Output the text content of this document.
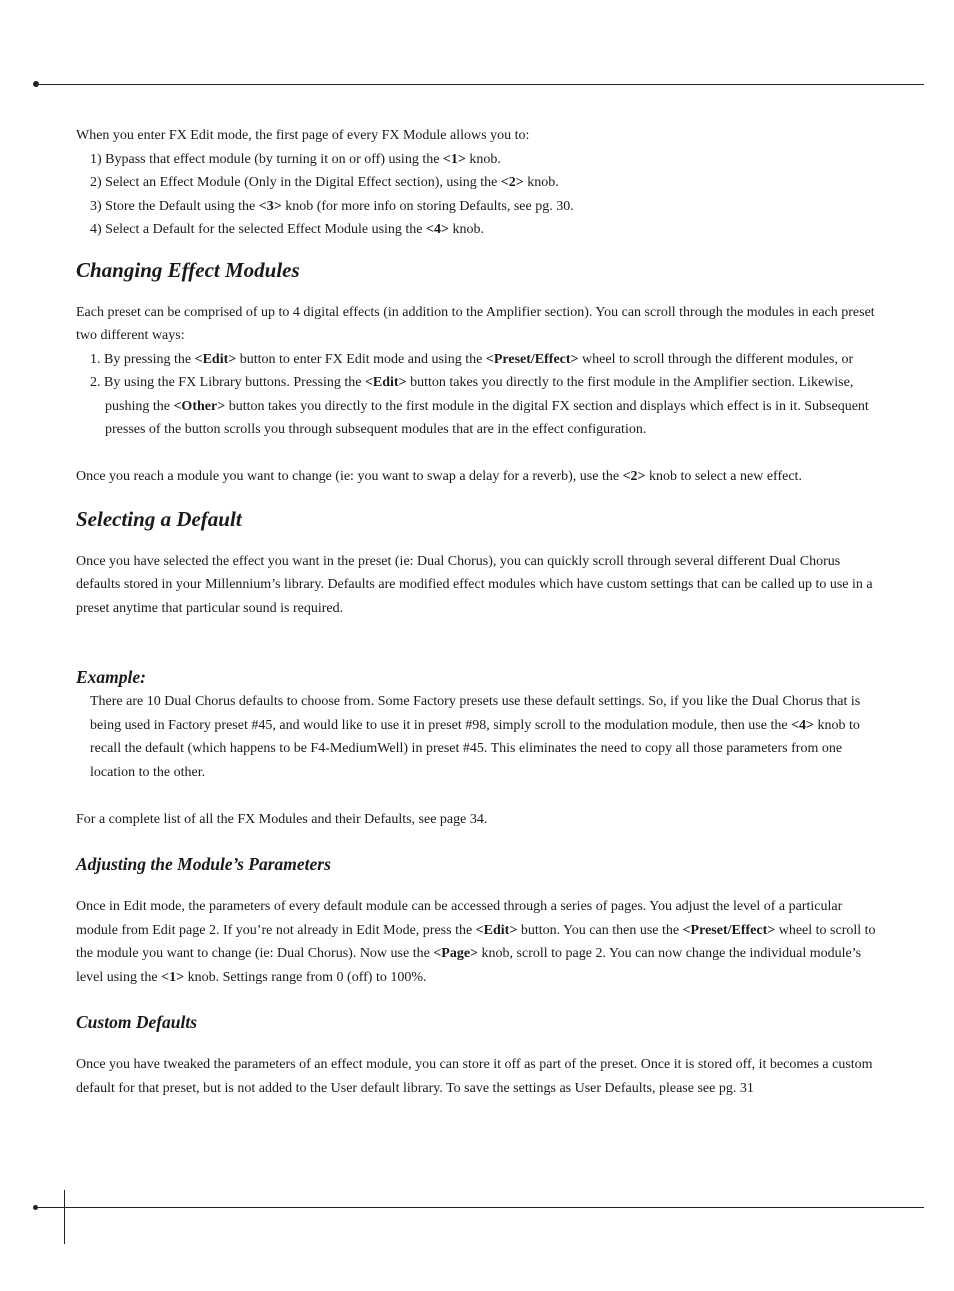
When you enter FX Edit mode, the first page of every FX Module allows you to:

1) Bypass that effect module (by turning it on or off) using the <1> knob.
2) Select an Effect Module (Only in the Digital Effect section), using the <2> knob.
3) Store the Default using the <3> knob (for more info on storing Defaults, see pg. 30.
4) Select a Default for the selected Effect Module using the <4> knob.
Changing Effect Modules

Each preset can be comprised of up to 4 digital effects (in addition to the Amplifier section). You can scroll through the modules in each preset two different ways:

1. By pressing the <Edit> button to enter FX Edit mode and using the <Preset/Effect> wheel to scroll through the different modules, or
2. By using the FX Library buttons. Pressing the <Edit> button takes you directly to the first module in the Amplifier section. Likewise, pushing the <Other> button takes you directly to the first module in the digital FX section and displays which effect is in it. Subsequent presses of the button scrolls you through subsequent modules that are in the effect configuration.

Once you reach a module you want to change (ie: you want to swap a delay for a reverb), use the <2> knob to select a new effect.

Selecting a Default

Once you have selected the effect you want in the preset (ie: Dual Chorus), you can quickly scroll through several different Dual Chorus defaults stored in your Millennium’s library. Defaults are modified effect modules which have custom settings that can be called up to use in a preset anytime that particular sound is required.

Example:

There are 10 Dual Chorus defaults to choose from. Some Factory presets use these default settings. So, if you like the Dual Chorus that is being used in Factory preset #45, and would like to use it in preset #98, simply scroll to the modulation module, then use the <4> knob to recall the default (which happens to be F4-MediumWell) in preset #45. This eliminates the need to copy all those parameters from one location to the other.

For a complete list of all the FX Modules and their Defaults, see page 34.

Adjusting the Module’s Parameters

Once in Edit mode, the parameters of every default module can be accessed through a series of pages. You adjust the level of a particular module from Edit page 2. If you’re not already in Edit Mode, press the <Edit> button. You can then use the <Preset/Effect> wheel to scroll to the module you want to change (ie: Dual Chorus). Now use the <Page> knob, scroll to page 2. You can now change the individual module’s level using the <1> knob. Settings range from 0 (off) to 100%.

Custom Defaults

Once you have tweaked the parameters of an effect module, you can store it off as part of the preset. Once it is stored off, it becomes a custom default for that preset, but is not added to the User default library. To save the settings as User Defaults, please see pg. 31
